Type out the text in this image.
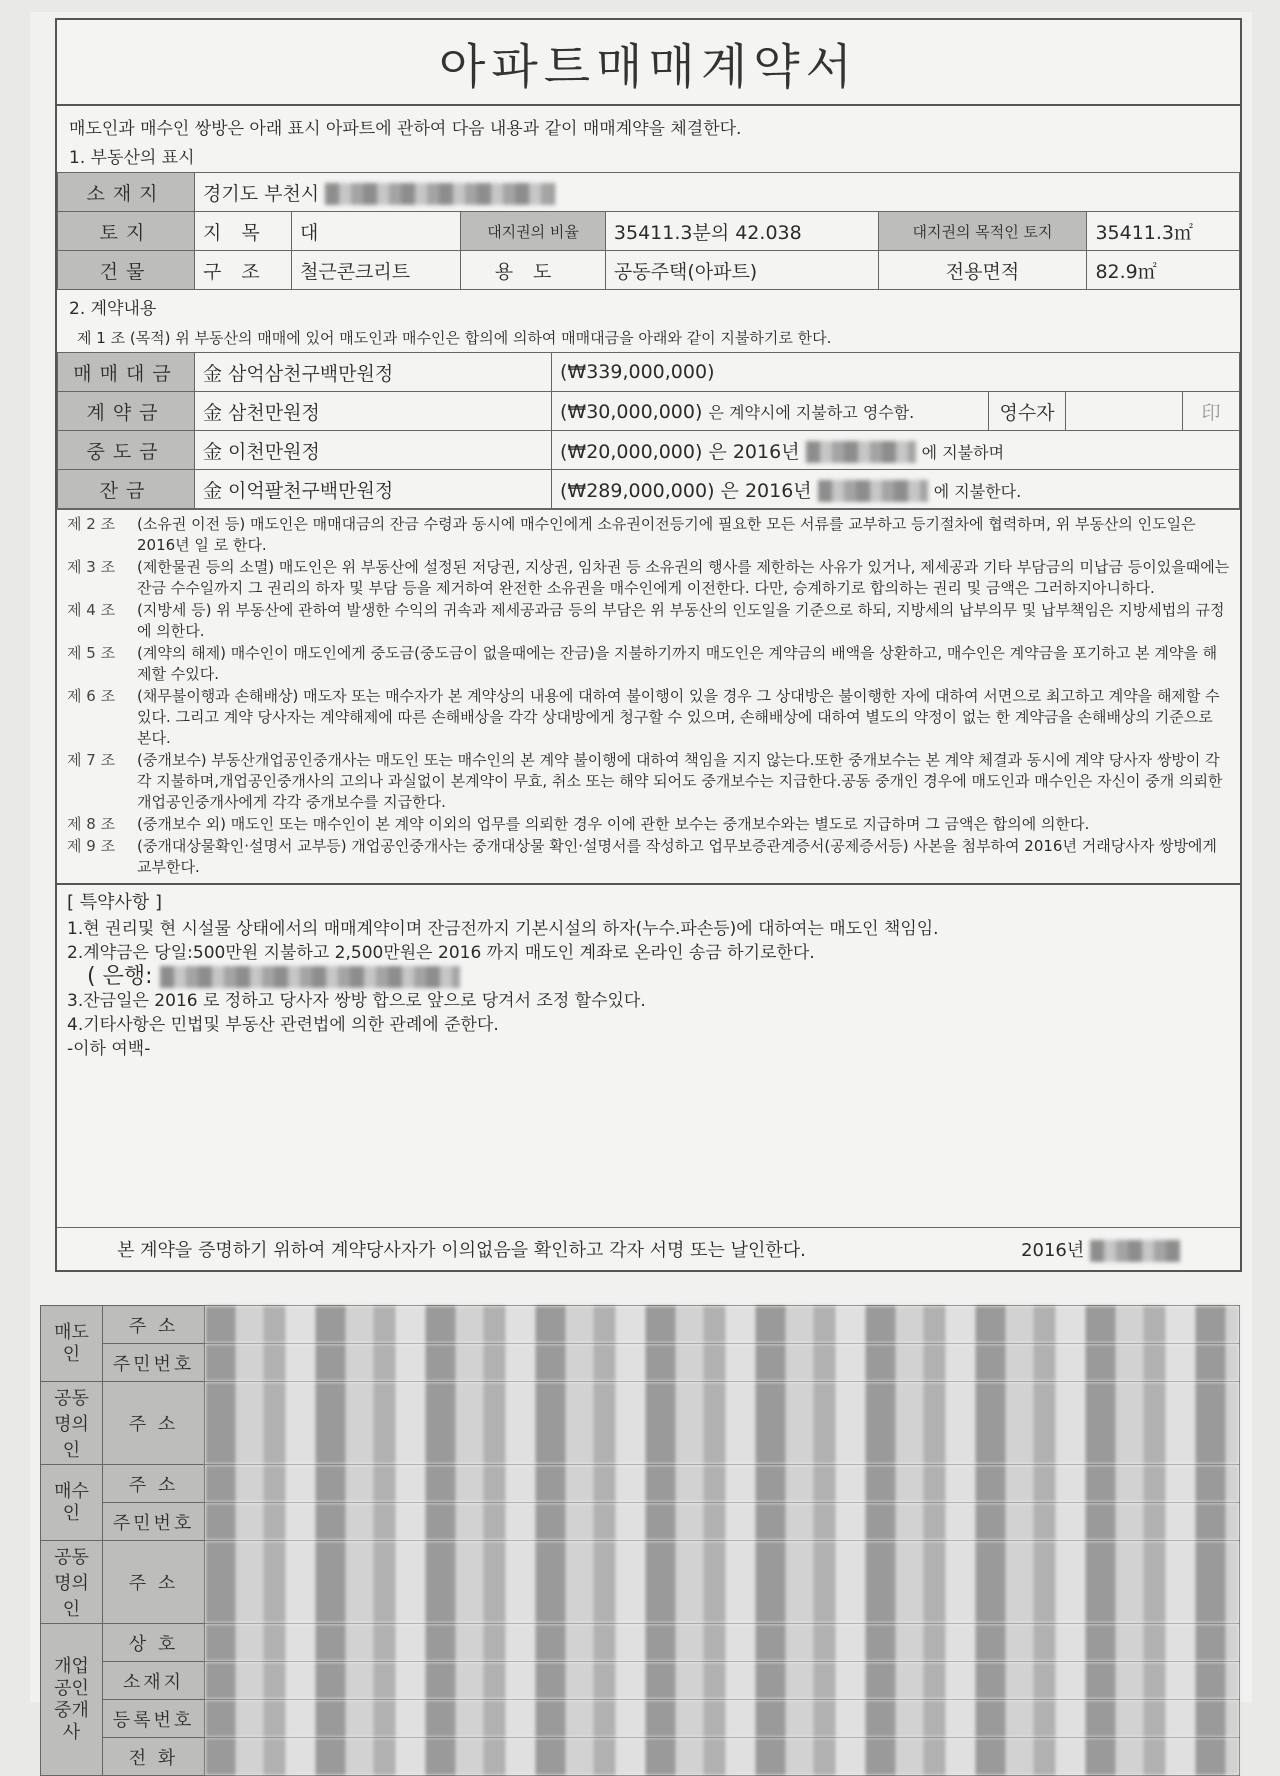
아파트매매계약서
매도인과 매수인 쌍방은 아래 표시 아파트에 관하여 다음 내용과 같이 매매계약을 체결한다.
1. 부동산의 표시
소재지	경기도 부천시					
토지	지목	대	대지권의 비율	35411.3분의 42.038	대지권의 목적인 토지	35411.3㎡
건물	구조	철근콘크리트	용도	공동주택(아파트)	전용면적	82.9㎡
2. 계약내용
제 1 조 (목적) 위 부동산의 매매에 있어 매도인과 매수인은 합의에 의하여 매매대금을 아래와 같이 지불하기로 한다.
매매대금	金 삼억삼천구백만원정	(₩339,000,000)			
계약금	金 삼천만원정	(₩30,000,000) 은 계약시에 지불하고 영수함.	영수자		印
중도금	金 이천만원정	(₩20,000,000) 은 2016년 에 지불하며			
잔금	金 이억팔천구백만원정	(₩289,000,000) 은 2016년 에 지불한다.			
제 2 조	(소유권 이전 등) 매도인은 매매대금의 잔금 수령과 동시에 매수인에게 소유권이전등기에 필요한 모든 서류를 교부하고 등기절차에 협력하며, 위 부동산의 인도일은 2016년 일 로 한다.
제 3 조	(제한물권 등의 소멸) 매도인은 위 부동산에 설정된 저당권, 지상권, 임차권 등 소유권의 행사를 제한하는 사유가 있거나, 제세공과 기타 부담금의 미납금 등이있을때에는 잔금 수수일까지 그 권리의 하자 및 부담 등을 제거하여 완전한 소유권을 매수인에게 이전한다. 다만, 승계하기로 합의하는 권리 및 금액은 그러하지아니하다.
제 4 조	(지방세 등) 위 부동산에 관하여 발생한 수익의 귀속과 제세공과금 등의 부담은 위 부동산의 인도일을 기준으로 하되, 지방세의 납부의무 및 납부책임은 지방세법의 규정에 의한다.
제 5 조	(계약의 해제) 매수인이 매도인에게 중도금(중도금이 없을때에는 잔금)을 지불하기까지 매도인은 계약금의 배액을 상환하고, 매수인은 계약금을 포기하고 본 계약을 해제할 수있다.
제 6 조	(채무불이행과 손해배상) 매도자 또는 매수자가 본 계약상의 내용에 대하여 불이행이 있을 경우 그 상대방은 불이행한 자에 대하여 서면으로 최고하고 계약을 해제할 수 있다. 그리고 계약 당사자는 계약해제에 따른 손해배상을 각각 상대방에게 청구할 수 있으며, 손해배상에 대하여 별도의 약정이 없는 한 계약금을 손해배상의 기준으로 본다.
제 7 조	(중개보수) 부동산개업공인중개사는 매도인 또는 매수인의 본 계약 불이행에 대하여 책임을 지지 않는다.또한 중개보수는 본 계약 체결과 동시에 계약 당사자 쌍방이 각각 지불하며,개업공인중개사의 고의나 과실없이 본계약이 무효, 취소 또는 해약 되어도 중개보수는 지급한다.공동 중개인 경우에 매도인과 매수인은 자신이 중개 의뢰한 개업공인중개사에게 각각 중개보수를 지급한다.
제 8 조	(중개보수 외) 매도인 또는 매수인이 본 계약 이외의 업무를 의뢰한 경우 이에 관한 보수는 중개보수와는 별도로 지급하며 그 금액은 합의에 의한다.
제 9 조	(중개대상물확인·설명서 교부등) 개업공인중개사는 중개대상물 확인·설명서를 작성하고 업무보증관계증서(공제증서등) 사본을 첨부하여 2016년 거래당사자 쌍방에게 교부한다.
[ 특약사항 ]
1.현 권리및 현 시설물 상태에서의 매매계약이며 잔금전까지 기본시설의 하자(누수.파손등)에 대하여는 매도인 책임임.
2.계약금은 당일:500만원 지불하고 2,500만원은 2016 까지 매도인 계좌로 온라인 송금 하기로한다.
( 은행:
3.잔금일은 2016 로 정하고 당사자 쌍방 합으로 앞으로 당겨서 조정 할수있다.
4.기타사항은 민법및 부동산 관련법에 의한 관례에 준한다.
-이하 여백-
본 계약을 증명하기 위하여 계약당사자가 이의없음을 확인하고 각자 서명 또는 날인한다.	2016년
매도인	주 소	
	주민번호	
공동명의인	주 소	
매수인	주 소	
	주민번호	
공동명의인	주 소	
개업공인중개사	상 호	
	소재지	
	등록번호	
	전 화	
